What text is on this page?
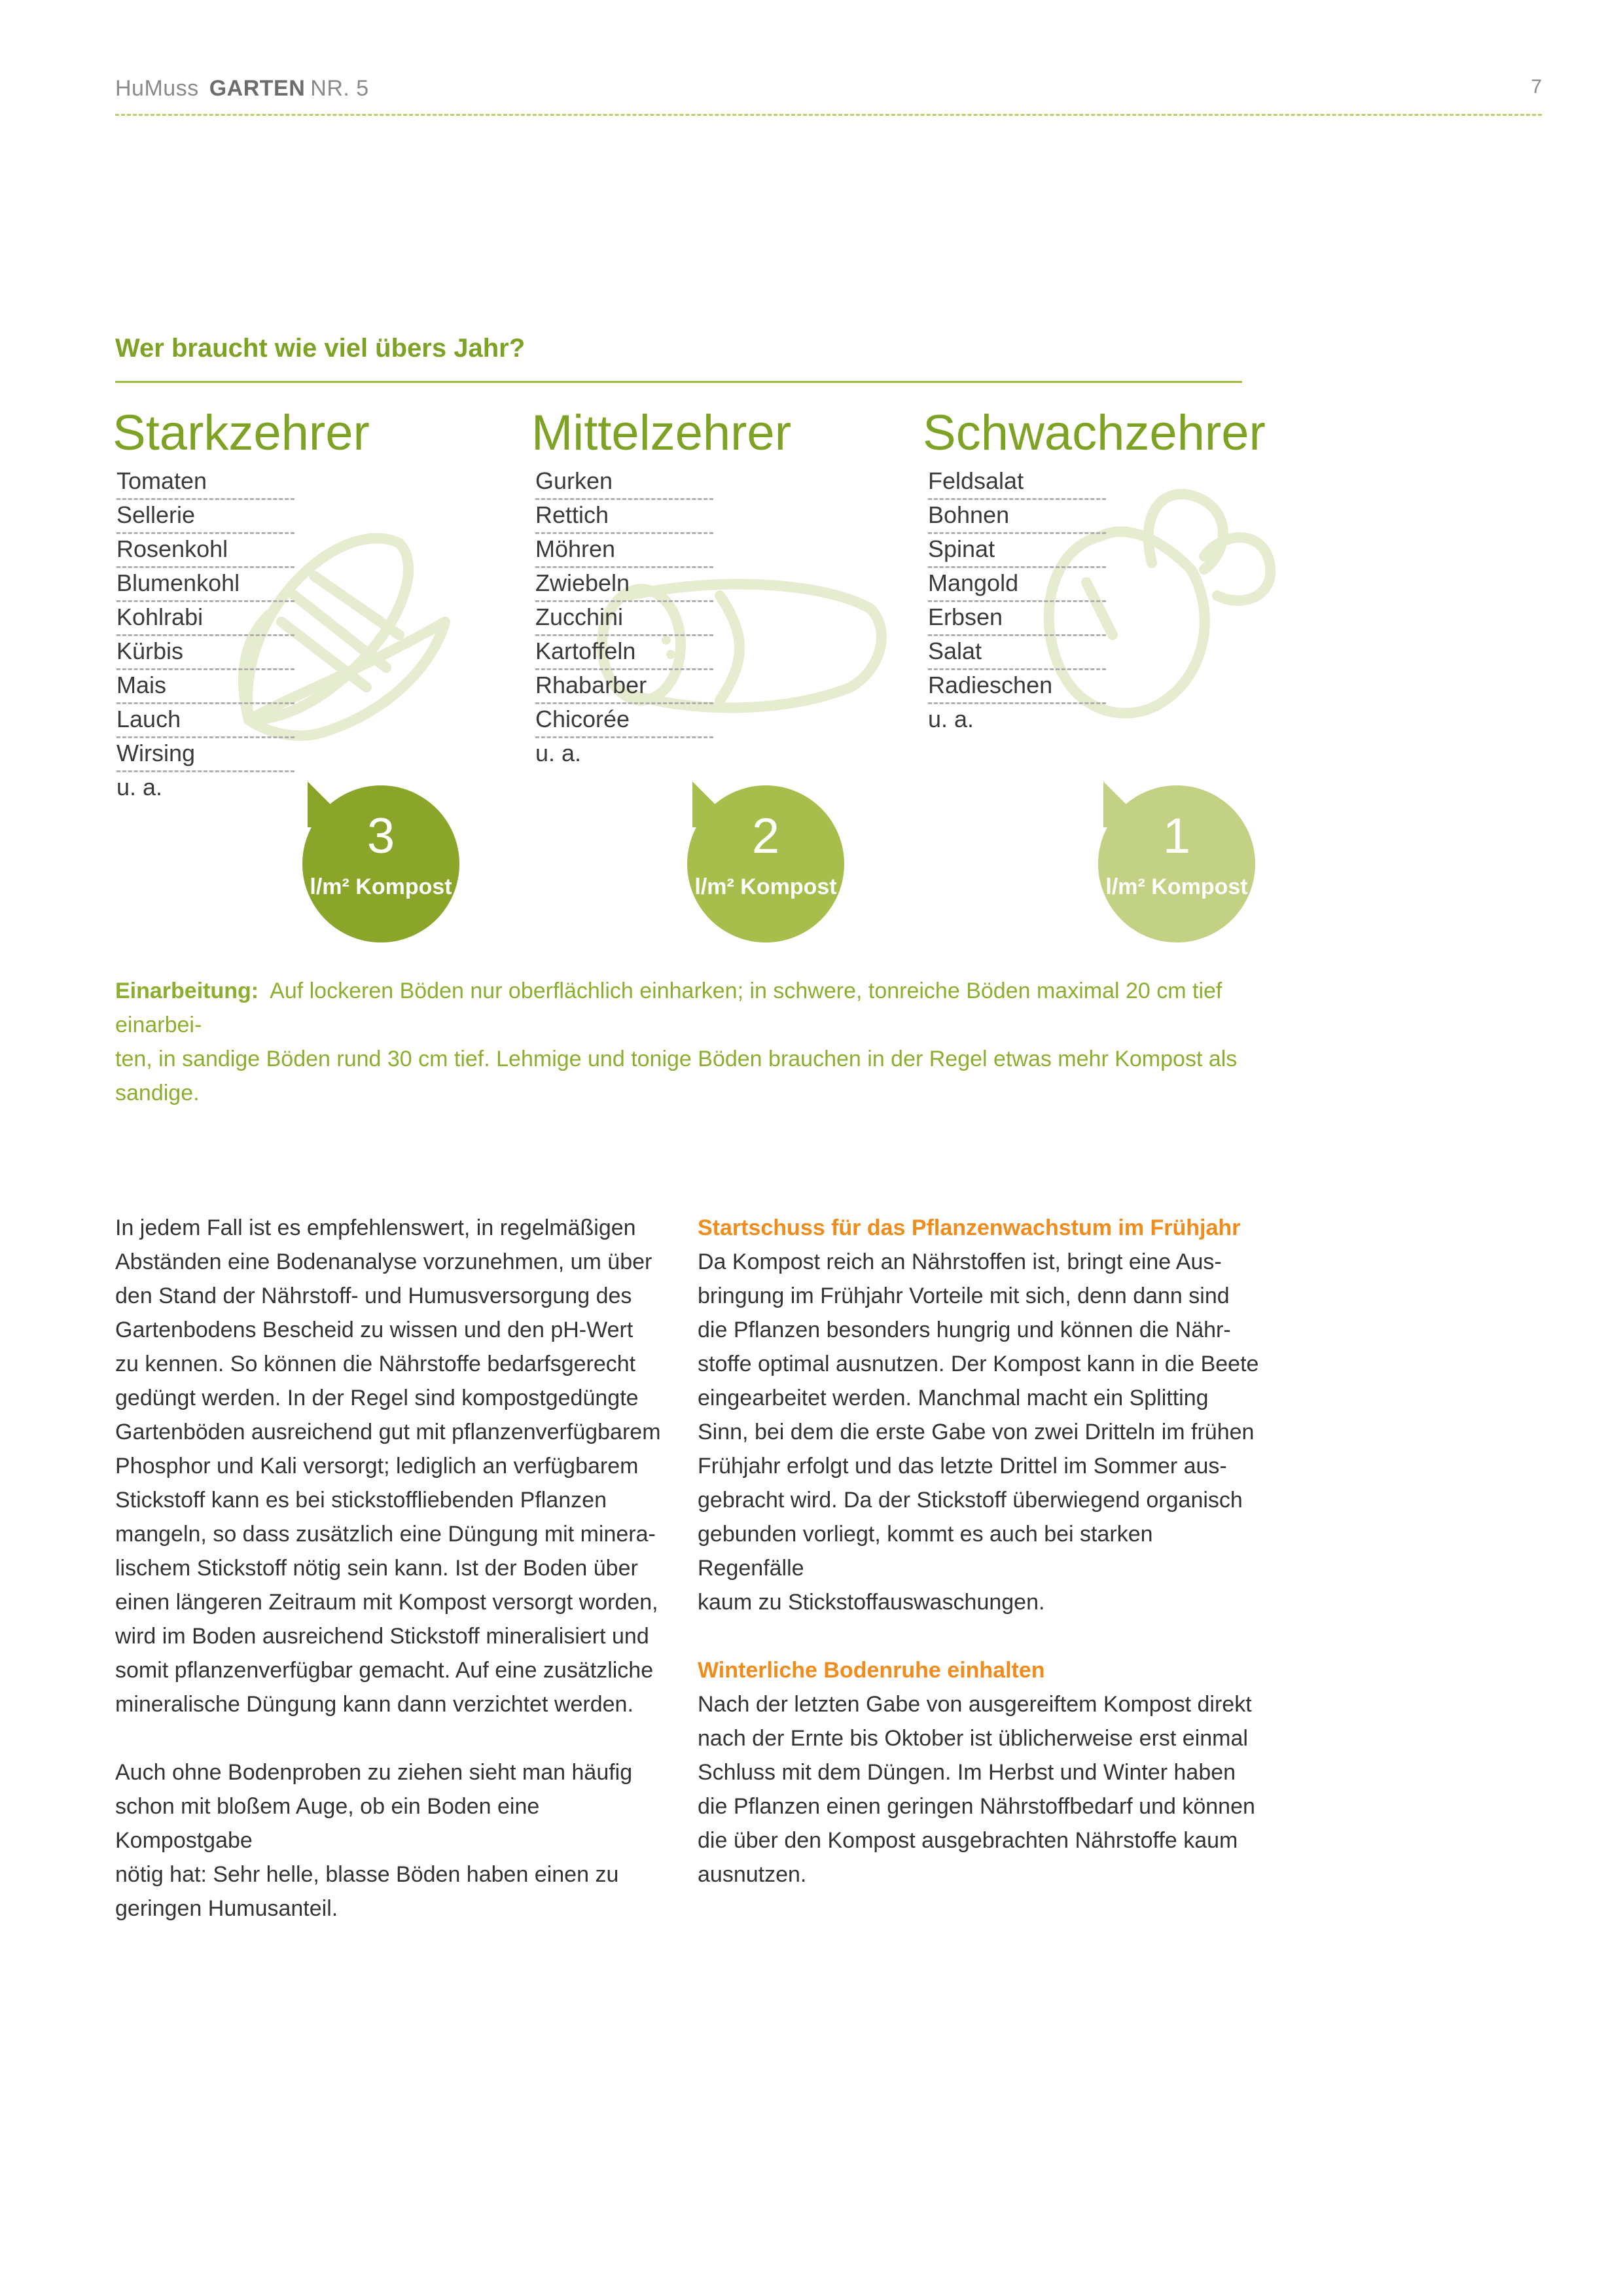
HuMuss GARTEN NR. 5	7
Wer braucht wie viel übers Jahr?
Starkzehrer
Tomaten
Sellerie
Rosenkohl
Blumenkohl
Kohlrabi
Kürbis
Mais
Lauch
Wirsing
u. a.
Mittelzehrer
Gurken
Rettich
Möhren
Zwiebeln
Zucchini
Kartoffeln
Rhabarber
Chicorée
u. a.
Schwachzehrer
Feldsalat
Bohnen
Spinat
Mangold
Erbsen
Salat
Radieschen
u. a.
3
l/m² Kompost
2
l/m² Kompost
1
l/m² Kompost
Einarbeitung: Auf lockeren Böden nur oberflächlich einharken; in schwere, tonreiche Böden maximal 20 cm tief einarbei-
ten, in sandige Böden rund 30 cm tief. Lehmige und tonige Böden brauchen in der Regel etwas mehr Kompost als sandige.

In jedem Fall ist es empfehlenswert, in regelmäßigen

Abständen eine Bodenanalyse vorzunehmen, um über

den Stand der Nährstoff- und Humusversorgung des

Gartenbodens Bescheid zu wissen und den pH-Wert

zu kennen. So können die Nährstoffe bedarfsgerecht

gedüngt werden. In der Regel sind kompostgedüngte

Gartenböden ausreichend gut mit pflanzenverfügbarem

Phosphor und Kali versorgt; lediglich an verfügbarem

Stickstoff kann es bei stickstoffliebenden Pflanzen

mangeln, so dass zusätzlich eine Düngung mit minera-

lischem Stickstoff nötig sein kann. Ist der Boden über

einen längeren Zeitraum mit Kompost versorgt worden,

wird im Boden ausreichend Stickstoff mineralisiert und

somit pflanzenverfügbar gemacht. Auf eine zusätzliche

mineralische Düngung kann dann verzichtet werden.

Auch ohne Bodenproben zu ziehen sieht man häufig

schon mit bloßem Auge, ob ein Boden eine Kompostgabe

nötig hat: Sehr helle, blasse Böden haben einen zu

geringen Humusanteil.

Startschuss für das Pflanzenwachstum im Frühjahr

Da Kompost reich an Nährstoffen ist, bringt eine Aus-

bringung im Frühjahr Vorteile mit sich, denn dann sind

die Pflanzen besonders hungrig und können die Nähr-

stoffe optimal ausnutzen. Der Kompost kann in die Beete

eingearbeitet werden. Manchmal macht ein Splitting

Sinn, bei dem die erste Gabe von zwei Dritteln im frühen

Frühjahr erfolgt und das letzte Drittel im Sommer aus-

gebracht wird. Da der Stickstoff überwiegend organisch

gebunden vorliegt, kommt es auch bei starken Regenfälle

kaum zu Stickstoffauswaschungen.

Winterliche Bodenruhe einhalten

Nach der letzten Gabe von ausgereiftem Kompost direkt

nach der Ernte bis Oktober ist üblicherweise erst einmal

Schluss mit dem Düngen. Im Herbst und Winter haben

die Pflanzen einen geringen Nährstoffbedarf und können

die über den Kompost ausgebrachten Nährstoffe kaum

ausnutzen.
